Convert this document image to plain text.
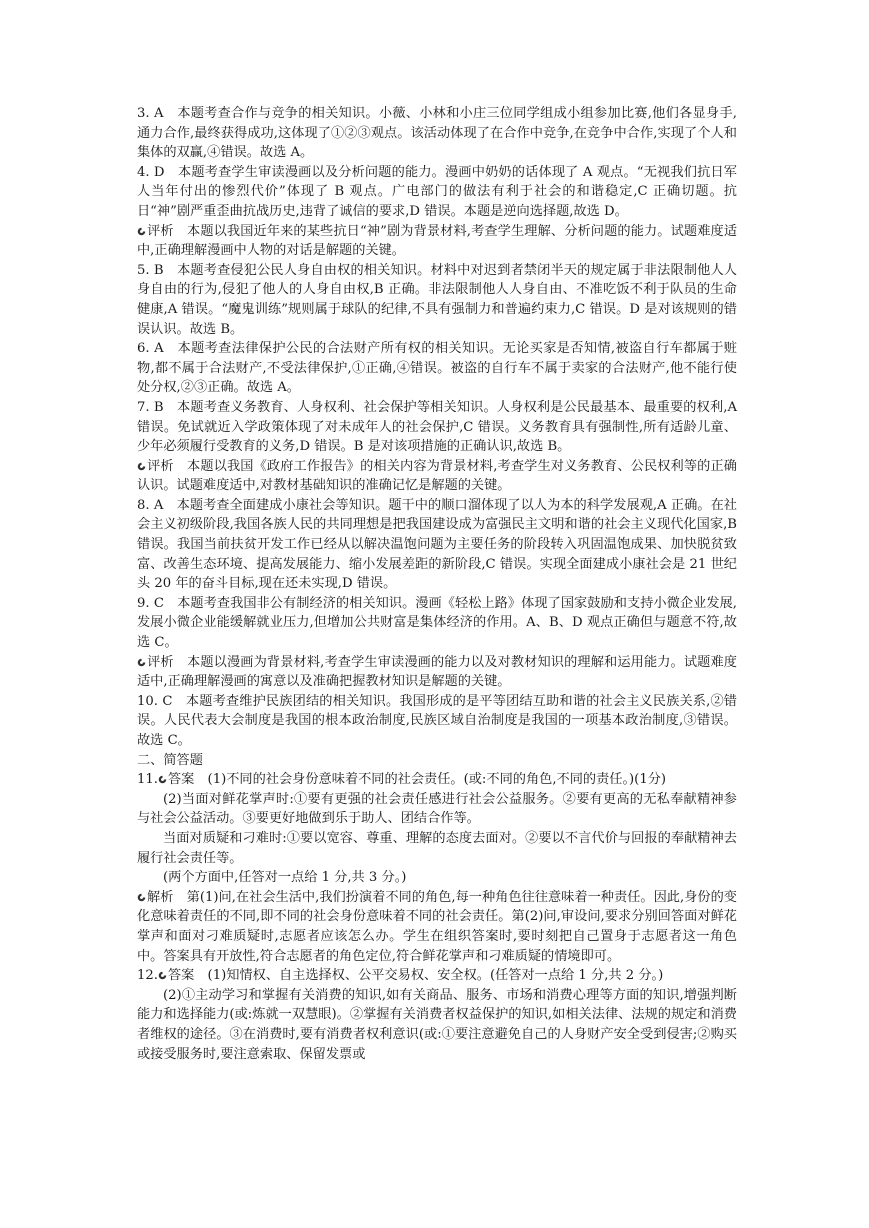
3. A　本题考查合作与竞争的相关知识。小薇、小林和小庄三位同学组成小组参加比赛,他们各显身手,通力合作,最终获得成功,这体现了①②③观点。该活动体现了在合作中竞争,在竞争中合作,实现了个人和集体的双赢,④错误。故选 A。

4. D　本题考查学生审读漫画以及分析问题的能力。漫画中奶奶的话体现了 A 观点。“无视我们抗日军人当年付出的惨烈代价”体现了 B 观点。广电部门的做法有利于社会的和谐稳定,C 正确切题。抗日“神”剧严重歪曲抗战历史,违背了诚信的要求,D 错误。本题是逆向选择题,故选 D。

评析　本题以我国近年来的某些抗日“神”剧为背景材料,考查学生理解、分析问题的能力。试题难度适中,正确理解漫画中人物的对话是解题的关键。

5. B　本题考查侵犯公民人身自由权的相关知识。材料中对迟到者禁闭半天的规定属于非法限制他人人身自由的行为,侵犯了他人的人身自由权,B 正确。非法限制他人人身自由、不准吃饭不利于队员的生命健康,A 错误。“魔鬼训练”规则属于球队的纪律,不具有强制力和普遍约束力,C 错误。D 是对该规则的错误认识。故选 B。

6. A　本题考查法律保护公民的合法财产所有权的相关知识。无论买家是否知情,被盗自行车都属于赃物,都不属于合法财产,不受法律保护,①正确,④错误。被盗的自行车不属于卖家的合法财产,他不能行使处分权,②③正确。故选 A。

7. B　本题考查义务教育、人身权利、社会保护等相关知识。人身权利是公民最基本、最重要的权利,A 错误。免试就近入学政策体现了对未成年人的社会保护,C 错误。义务教育具有强制性,所有适龄儿童、少年必须履行受教育的义务,D 错误。B 是对该项措施的正确认识,故选 B。

评析　本题以我国《政府工作报告》的相关内容为背景材料,考查学生对义务教育、公民权利等的正确认识。试题难度适中,对教材基础知识的准确记忆是解题的关键。

8. A　本题考查全面建成小康社会等知识。题干中的顺口溜体现了以人为本的科学发展观,A 正确。在社会主义初级阶段,我国各族人民的共同理想是把我国建设成为富强民主文明和谐的社会主义现代化国家,B 错误。我国当前扶贫开发工作已经从以解决温饱问题为主要任务的阶段转入巩固温饱成果、加快脱贫致富、改善生态环境、提高发展能力、缩小发展差距的新阶段,C 错误。实现全面建成小康社会是 21 世纪头 20 年的奋斗目标,现在还未实现,D 错误。

9. C　本题考查我国非公有制经济的相关知识。漫画《轻松上路》体现了国家鼓励和支持小微企业发展,发展小微企业能缓解就业压力,但增加公共财富是集体经济的作用。A、B、D 观点正确但与题意不符,故选 C。

评析　本题以漫画为背景材料,考查学生审读漫画的能力以及对教材知识的理解和运用能力。试题难度适中,正确理解漫画的寓意以及准确把握教材知识是解题的关键。

10. C　本题考查维护民族团结的相关知识。我国形成的是平等团结互助和谐的社会主义民族关系,②错误。人民代表大会制度是我国的根本政治制度,民族区域自治制度是我国的一项基本政治制度,③错误。故选 C。

二、简答题

11. 答案　(1)不同的社会身份意味着不同的社会责任。(或:不同的角色,不同的责任。)(1分)

(2)当面对鲜花掌声时:①要有更强的社会责任感进行社会公益服务。②要有更高的无私奉献精神参与社会公益活动。③要更好地做到乐于助人、团结合作等。

当面对质疑和刁难时:①要以宽容、尊重、理解的态度去面对。②要以不言代价与回报的奉献精神去履行社会责任等。

(两个方面中,任答对一点给 1 分,共 3 分。)

解析　第(1)问,在社会生活中,我们扮演着不同的角色,每一种角色往往意味着一种责任。因此,身份的变化意味着责任的不同,即不同的社会身份意味着不同的社会责任。第(2)问,审设问,要求分别回答面对鲜花掌声和面对刁难质疑时,志愿者应该怎么办。学生在组织答案时,要时刻把自己置身于志愿者这一角色中。答案具有开放性,符合志愿者的角色定位,符合鲜花掌声和刁难质疑的情境即可。

12. 答案　(1)知情权、自主选择权、公平交易权、安全权。(任答对一点给 1 分,共 2 分。)

(2)①主动学习和掌握有关消费的知识,如有关商品、服务、市场和消费心理等方面的知识,增强判断能力和选择能力(或:炼就一双慧眼)。②掌握有关消费者权益保护的知识,如相关法律、法规的规定和消费者维权的途径。③在消费时,要有消费者权利意识(或:①要注意避免自己的人身财产安全受到侵害;②购买或接受服务时,要注意索取、保留发票或
